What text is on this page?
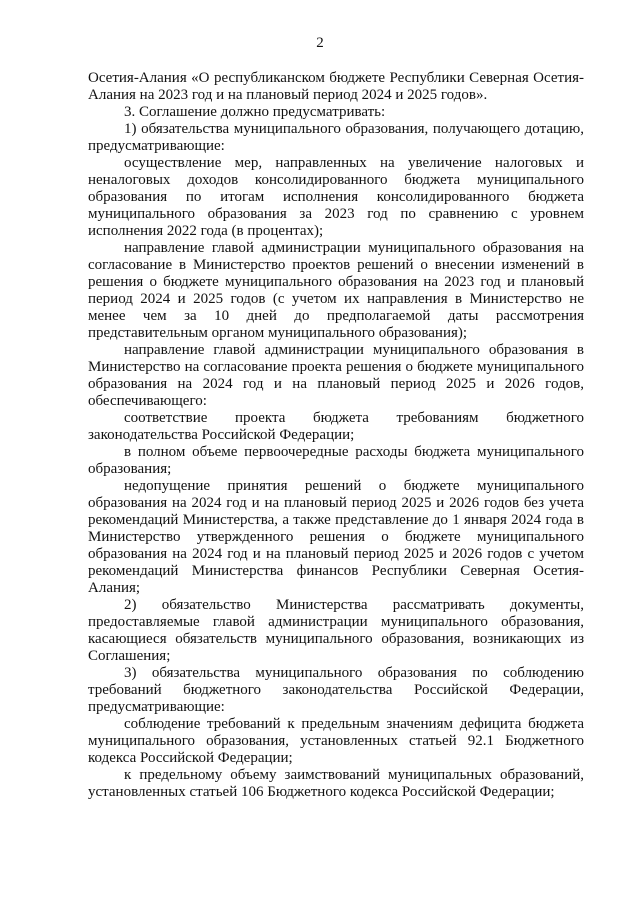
2

Осетия-Алания «О республиканском бюджете Республики Северная Осетия-Алания на 2023 год и на плановый период 2024 и 2025 годов».

3. Соглашение должно предусматривать:

1) обязательства муниципального образования, получающего дотацию, предусматривающие:

осуществление мер, направленных на увеличение налоговых и неналоговых доходов консолидированного бюджета муниципального образования по итогам исполнения консолидированного бюджета муниципального образования за 2023 год по сравнению с уровнем исполнения 2022 года (в процентах);

направление главой администрации муниципального образования на согласование в Министерство проектов решений о внесении изменений в решения о бюджете муниципального образования на 2023 год и плановый период 2024 и 2025 годов (с учетом их направления в Министерство не менее чем за 10 дней до предполагаемой даты рассмотрения представительным органом муниципального образования);

направление главой администрации муниципального образования в Министерство на согласование проекта решения о бюджете муниципального образования на 2024 год и на плановый период 2025 и 2026 годов, обеспечивающего:

соответствие проекта бюджета требованиям бюджетного законодательства Российской Федерации;

в полном объеме первоочередные расходы бюджета муниципального образования;

недопущение принятия решений о бюджете муниципального образования на 2024 год и на плановый период 2025 и 2026 годов без учета рекомендаций Министерства, а также представление до 1 января 2024 года в Министерство утвержденного решения о бюджете муниципального образования на 2024 год и на плановый период 2025 и 2026 годов с учетом рекомендаций Министерства финансов Республики Северная Осетия-Алания;

2) обязательство Министерства рассматривать документы, предоставляемые главой администрации муниципального образования, касающиеся обязательств муниципального образования, возникающих из Соглашения;

3) обязательства муниципального образования по соблюдению требований бюджетного законодательства Российской Федерации, предусматривающие:

соблюдение требований к предельным значениям дефицита бюджета муниципального образования, установленных статьей 92.1 Бюджетного кодекса Российской Федерации;

к предельному объему заимствований муниципальных образований, установленных статьей 106 Бюджетного кодекса Российской Федерации;
